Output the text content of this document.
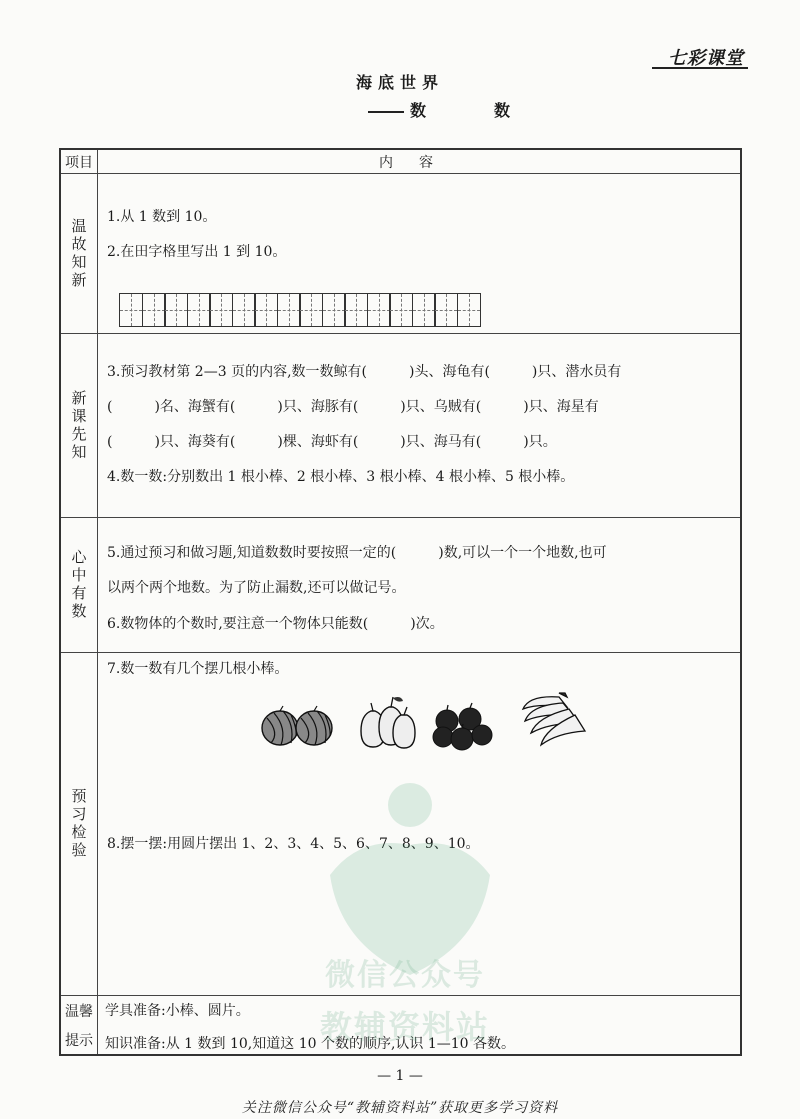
七彩课堂
海底世界
数　数
项目	内容
温故知新
1.从 1 数到 10。
2.在田字格里写出 1 到 10。
新课先知
3.预习教材第 2—3 页的内容,数一数鲸有(　　　)头、海龟有(　　　)只、潜水员有
(　　　)名、海蟹有(　　　)只、海豚有(　　　)只、乌贼有(　　　)只、海星有
(　　　)只、海葵有(　　　)棵、海虾有(　　　)只、海马有(　　　)只。
4.数一数:分别数出 1 根小棒、2 根小棒、3 根小棒、4 根小棒、5 根小棒。
心中有数 5.通过预习和做习题,知道数数时要按照一定的(　　　)数,可以一个一个地数,也可
以两个两个地数。为了防止漏数,还可以做记号。
6.数物体的个数时,要注意一个物体只能数(　　　)次。
预习检验
7.数一数有几个摆几根小棒。
8.摆一摆:用圆片摆出 1、2、3、4、5、6、7、8、9、10。
温馨
提示
学具准备:小棒、圆片。
知识准备:从 1 数到 10,知道这 10 个数的顺序,认识 1—10 各数。
微信公众号
教辅资料站
— 1 —
关注微信公众号“教辅资料站”获取更多学习资料
